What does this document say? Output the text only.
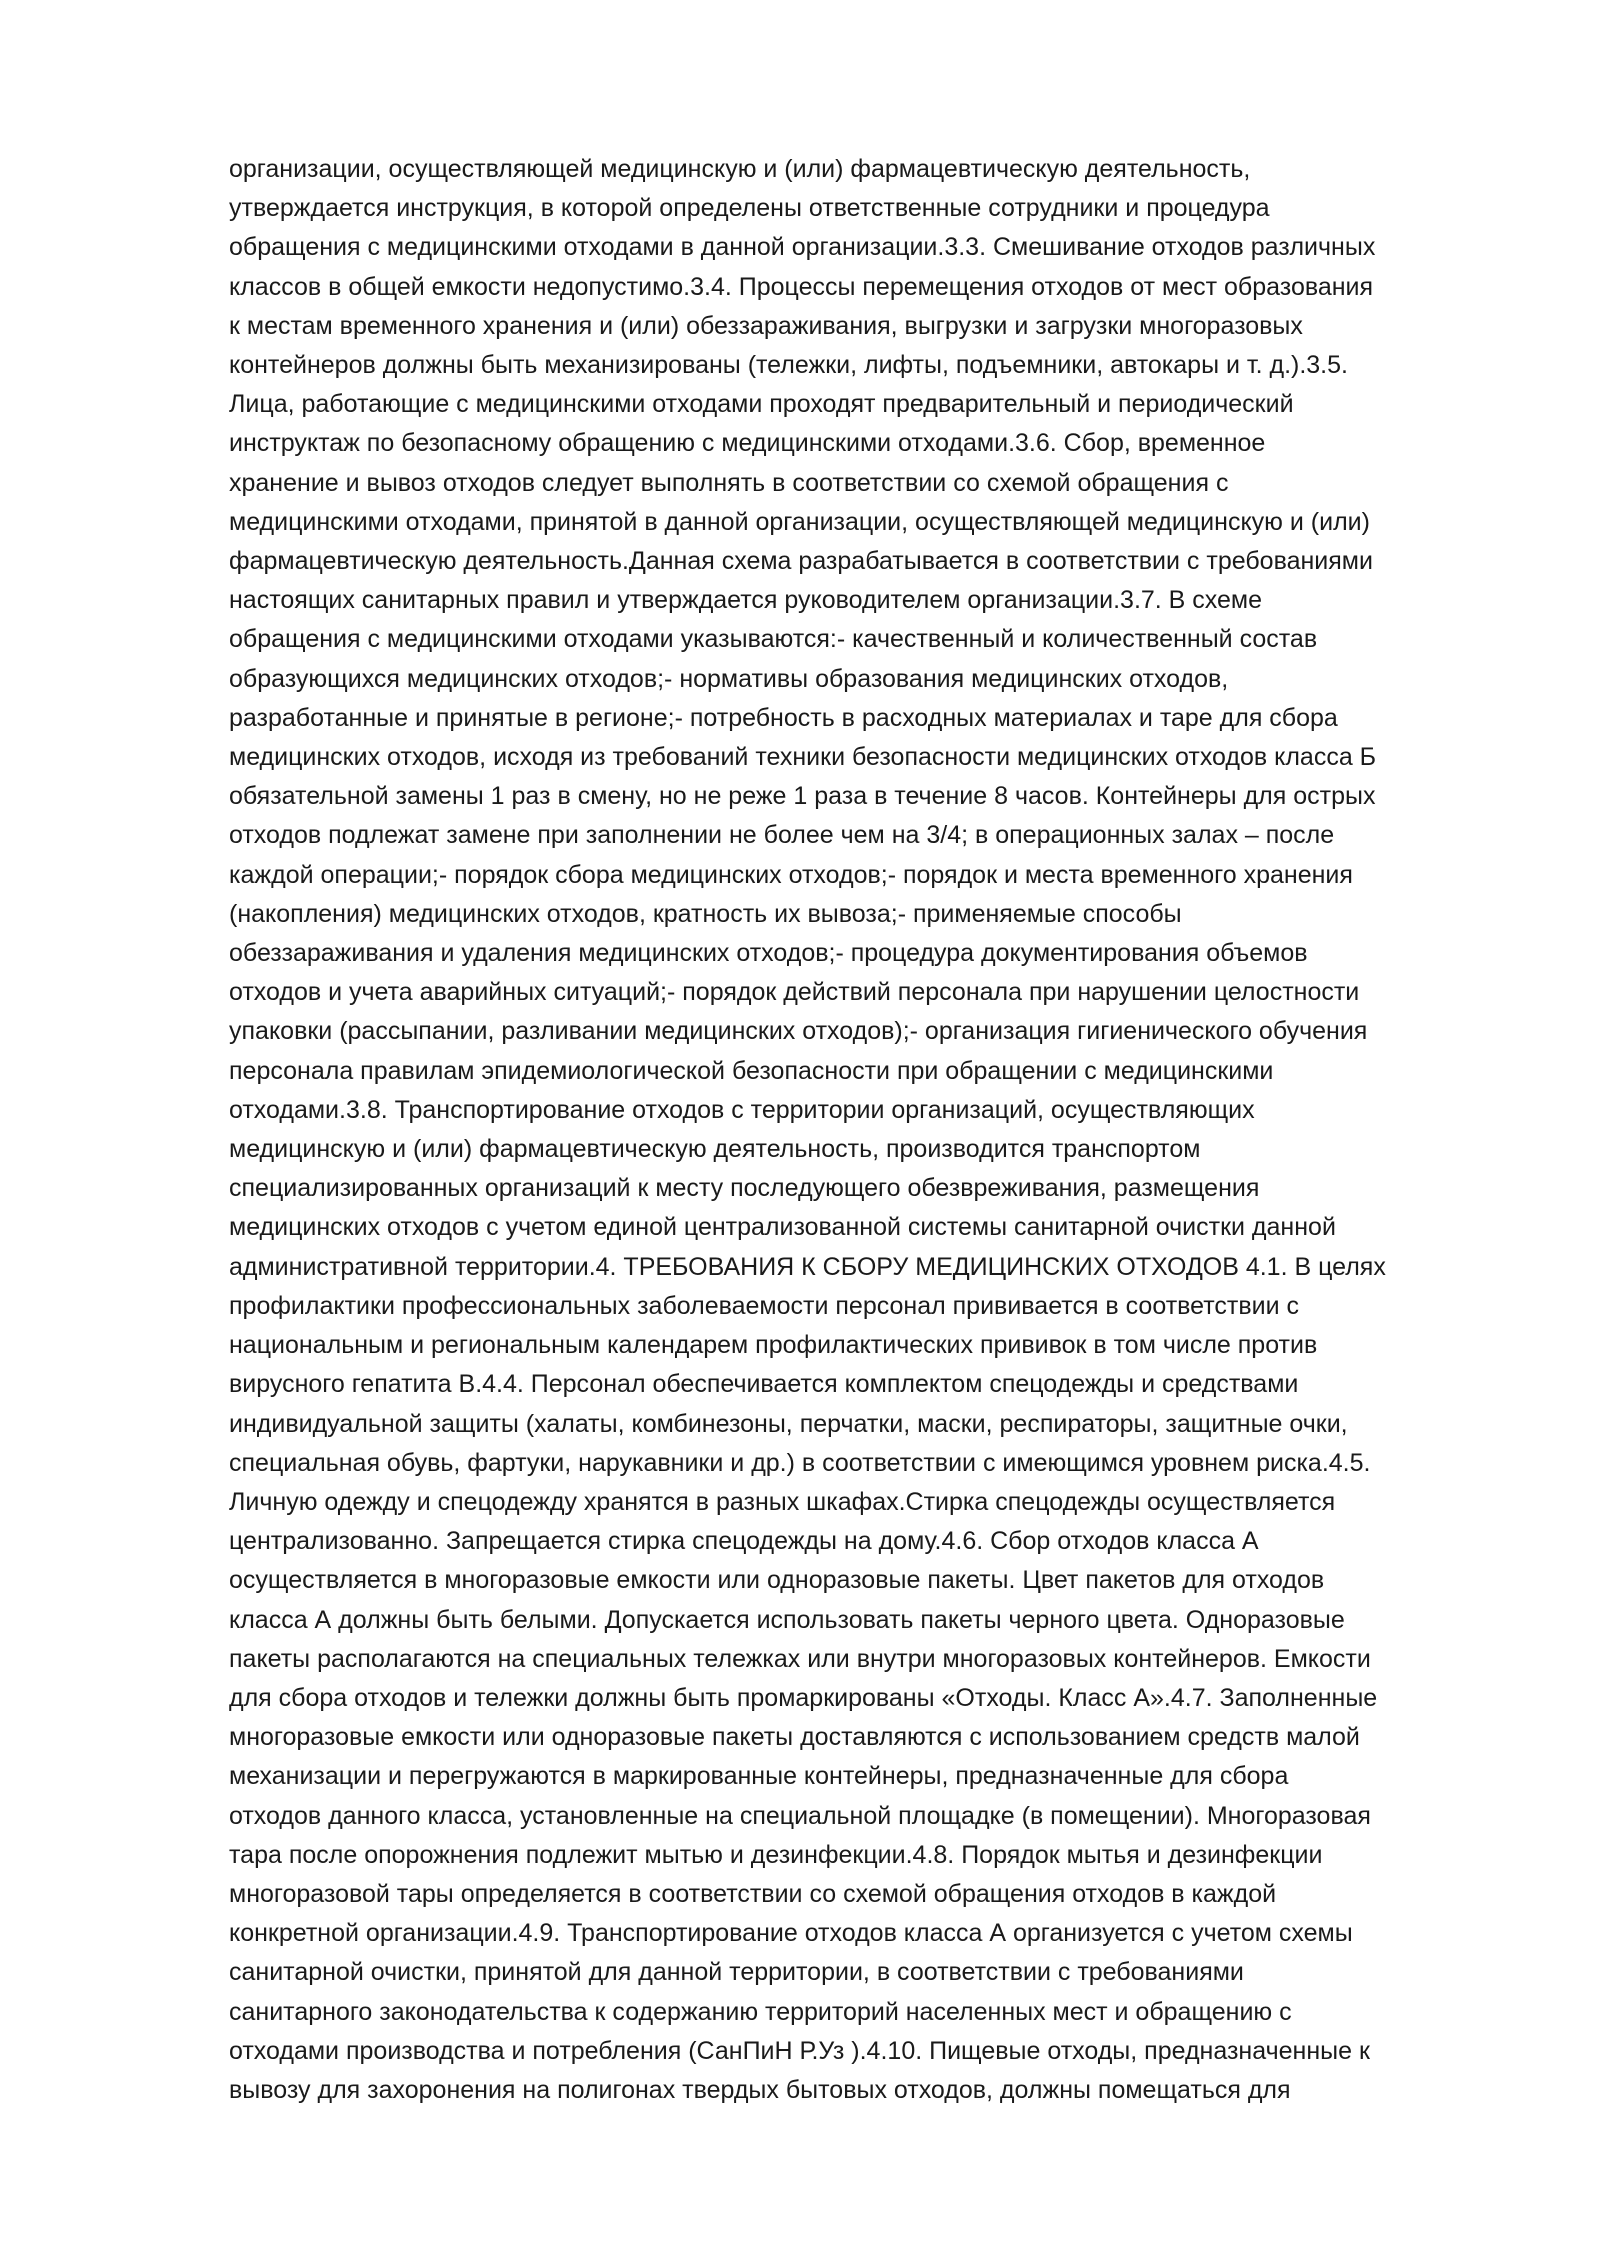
организации, осуществляющей медицинскую и (или) фармацевтическую деятельность,
утверждается инструкция, в которой определены ответственные сотрудники и процедура
обращения с медицинскими отходами в данной организации.3.3. Смешивание отходов различных
классов в общей емкости недопустимо.3.4. Процессы перемещения отходов от мест образования
к местам временного хранения и (или) обеззараживания, выгрузки и загрузки многоразовых
контейнеров должны быть механизированы (тележки, лифты, подъемники, автокары и т. д.).3.5.
Лица, работающие с медицинскими отходами проходят предварительный и периодический
инструктаж по безопасному обращению с медицинскими отходами.3.6. Сбор, временное
хранение и вывоз отходов следует выполнять в соответствии со схемой обращения с
медицинскими отходами, принятой в данной организации, осуществляющей медицинскую и (или)
фармацевтическую деятельность.Данная схема разрабатывается в соответствии с требованиями
настоящих санитарных правил и утверждается руководителем организации.3.7. В схеме
обращения с медицинскими отходами указываются:- качественный и количественный состав
образующихся медицинских отходов;- нормативы образования медицинских отходов,
разработанные и принятые в регионе;- потребность в расходных материалах и таре для сбора
медицинских отходов, исходя из требований техники безопасности медицинских отходов класса Б
обязательной замены 1 раз в смену, но не реже 1 раза в течение 8 часов. Контейнеры для острых
отходов подлежат замене при заполнении не более чем на 3/4; в операционных залах – после
каждой операции;- порядок сбора медицинских отходов;- порядок и места временного хранения
(накопления) медицинских отходов, кратность их вывоза;- применяемые способы
обеззараживания и удаления медицинских отходов;- процедура документирования объемов
отходов и учета аварийных ситуаций;- порядок действий персонала при нарушении целостности
упаковки (рассыпании, разливании медицинских отходов);- организация гигиенического обучения
персонала правилам эпидемиологической безопасности при обращении с медицинскими
отходами.3.8. Транспортирование отходов с территории организаций, осуществляющих
медицинскую и (или) фармацевтическую деятельность, производится транспортом
специализированных организаций к месту последующего обезвреживания, размещения
медицинских отходов с учетом единой централизованной системы санитарной очистки данной
административной территории.4. ТРЕБОВАНИЯ К СБОРУ МЕДИЦИНСКИХ ОТХОДОВ 4.1. В целях
профилактики профессиональных заболеваемости персонал прививается в соответствии с
национальным и региональным календарем профилактических прививок в том числе против
вирусного гепатита В.4.4. Персонал обеспечивается комплектом спецодежды и средствами
индивидуальной защиты (халаты, комбинезоны, перчатки, маски, респираторы, защитные очки,
специальная обувь, фартуки, нарукавники и др.) в соответствии с имеющимся уровнем риска.4.5.
Личную одежду и спецодежду хранятся в разных шкафах.Стирка спецодежды осуществляется
централизованно. Запрещается стирка спецодежды на дому.4.6. Сбор отходов класса А
осуществляется в многоразовые емкости или одноразовые пакеты. Цвет пакетов для отходов
класса А должны быть белыми. Допускается использовать пакеты черного цвета. Одноразовые
пакеты располагаются на специальных тележках или внутри многоразовых контейнеров. Емкости
для сбора отходов и тележки должны быть промаркированы «Отходы. Класс А».4.7. Заполненные
многоразовые емкости или одноразовые пакеты доставляются с использованием средств малой
механизации и перегружаются в маркированные контейнеры, предназначенные для сбора
отходов данного класса, установленные на специальной площадке (в помещении). Многоразовая
тара после опорожнения подлежит мытью и дезинфекции.4.8. Порядок мытья и дезинфекции
многоразовой тары определяется в соответствии со схемой обращения отходов в каждой
конкретной организации.4.9. Транспортирование отходов класса А организуется с учетом схемы
санитарной очистки, принятой для данной территории, в соответствии с требованиями
санитарного законодательства к содержанию территорий населенных мест и обращению с
отходами производства и потребления (СанПиН Р.Уз ).4.10. Пищевые отходы, предназначенные к
вывозу для захоронения на полигонах твердых бытовых отходов, должны помещаться для
